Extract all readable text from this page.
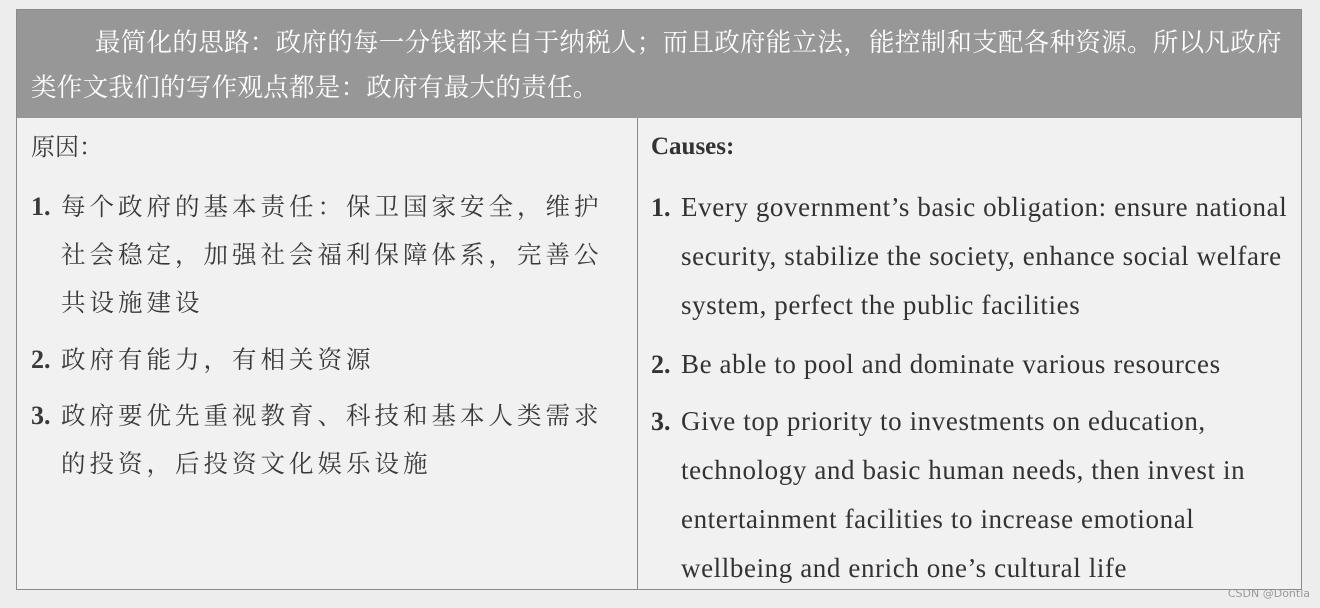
最简化的思路：政府的每一分钱都来自于纳税人；而且政府能立法，能控制和支配各种资源。所以凡政府类作文我们的写作观点都是：政府有最大的责任。
原因：
1. 每个政府的基本责任：保卫国家安全，维护社会稳定，加强社会福利保障体系，完善公共设施建设
2. 政府有能力，有相关资源
3. 政府要优先重视教育、科技和基本人类需求的投资，后投资文化娱乐设施
Causes:
1. Every government’s basic obligation: ensure national security, stabilize the society, enhance social welfare system, perfect the public facilities
2. Be able to pool and dominate various resources
3. Give top priority to investments on education, technology and basic human needs, then invest in entertainment facilities to increase emotional wellbeing and enrich one’s cultural life
CSDN @Dontla
